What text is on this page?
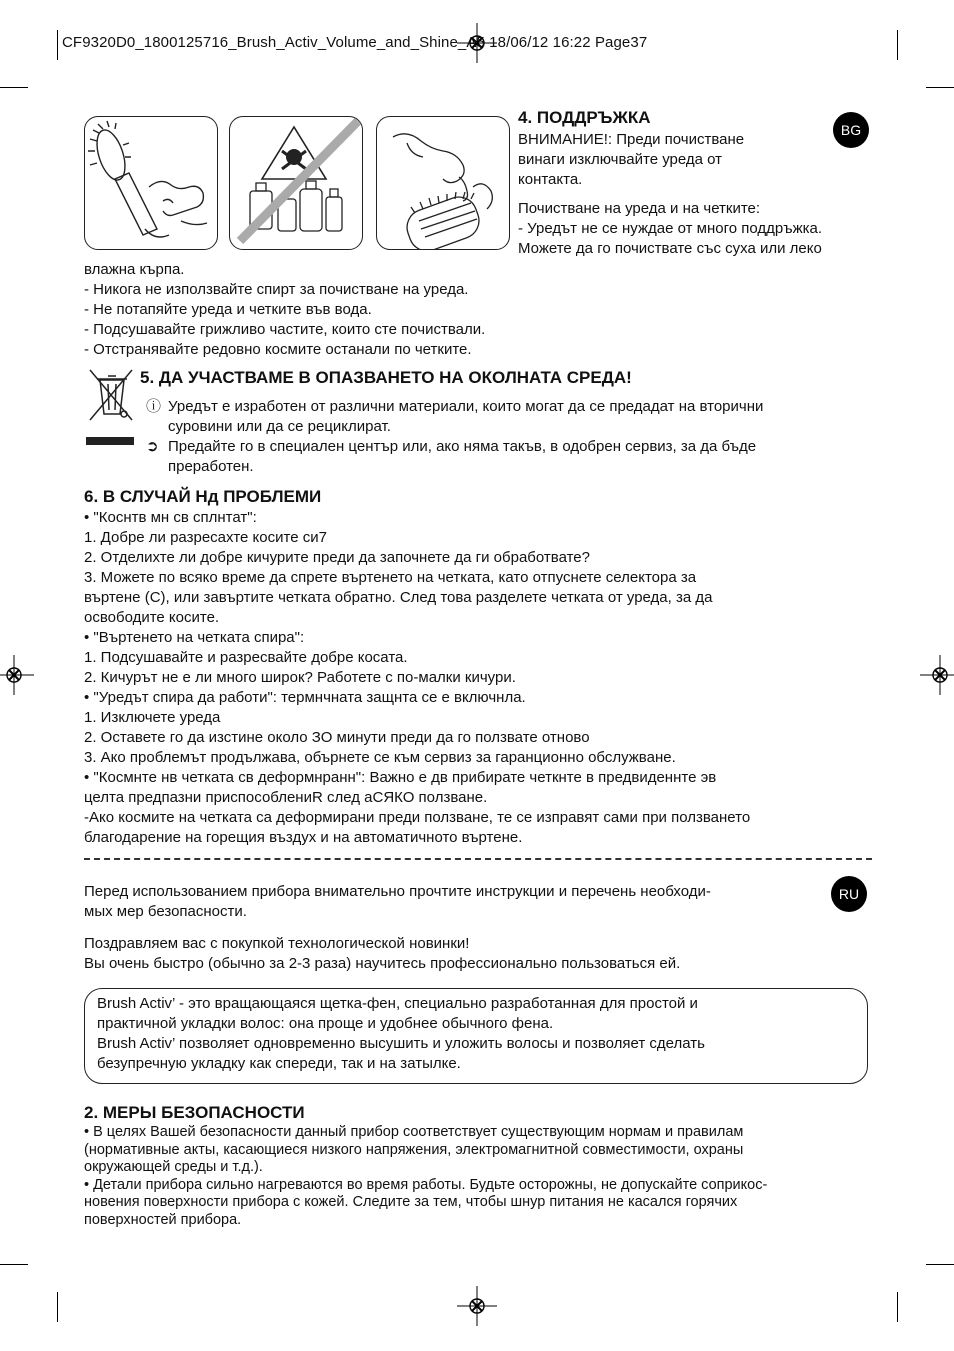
CF9320D0_1800125716_Brush_Activ_Volume_and_Shine_A5 18/06/12 16:22 Page37
BG
4. ПОДДРЪЖКА

ВНИМАНИЕ!: Преди почистване

винаги изключвайте уреда от

контакта.

Почистване на уреда и на четките:

- Уредът не се нуждае от много поддръжка.

Можете да го почиствате със суха или леко

влажна кърпа.

- Никога не използвайте спирт за почистване на уреда.

- Не потапяйте уреда и четките във вода.

- Подсушавайте грижливо частите, които сте почиствали.

- Отстранявайте редовно космите останали по четките.

5. ДА УЧАСТВАМЕ В ОПАЗВАНЕТО НА ОКОЛНАТА СРЕДА!

ⓘ Уредът е изработен от различни материали, които могат да се предадат на вторични

суровини или да се рециклират.

➲ Предайте го в специален център или, ако няма такъв, в одобрен сервиз, за да бъде

преработен.

6. В СЛУЧАЙ Нд ПРОБЛЕМИ

• "Коснтв мн св сплнтат":

1. Добре ли разресахте косите си7

2. Отделихте ли добре кичурите преди да започнете да ги обработвате?

3. Можете по всяко време да спрете въртенето на четката, като отпуснете селектора за

въртене (С), или завъртите четката обратно. След това разделете четката от уреда, за да

освободите косите.

• "Въртенето на четката спира":

1. Подсушавайте и разресвайте добре косата.

2. Кичурът не е ли много широк? Работете с по-малки кичури.

• "Уредът спира да работи": термнчната защнта се е включнла.

1. Изключете уреда

2. Оставете го да изстине около ЗО минути преди да го ползвате отново

3. Ако проблемът продължава, обърнете се към сервиз за гаранционно обслужване.

• "Космнте нв четката св деформнранн": Важно е дв прибирате четкнте в предвиденнте эв

целта предпазни приспособлениR след аСЯКО ползване.

-Ако космите на четката са деформирани преди ползване, те се изправят сами при ползването

благодарение на горещия въздух и на автоматичното въртене.

RU

Перед использованием прибора внимательно прочтите инструкции и перечень необходи-

мых мер безопасности.

Поздравляем вас с покупкой технологической новинки!

Вы очень быстро (обычно за 2-3 раза) научитесь профессионально пользоваться ей.

Brush Activ’ - это вращающаяся щетка-фен, специально разработанная для простой и

практичной укладки волос: она проще и удобнее обычного фена.

Brush Activ’ позволяет одновременно высушить и уложить волосы и позволяет сделать

безупречную укладку как спереди, так и на затылке.

2. МЕРЫ БЕЗОПАСНОСТИ

• В целях Вашей безопасности данный прибор соответствует существующим нормам и правилам

(нормативные акты, касающиеся низкого напряжения, электромагнитной совместимости, охраны

окружающей среды и т.д.).

• Детали прибора сильно нагреваются во время работы. Будьте осторожны, не допускайте соприкос-

новения поверхности прибора с кожей. Следите за тем, чтобы шнур питания не касался горячих

поверхностей прибора.
